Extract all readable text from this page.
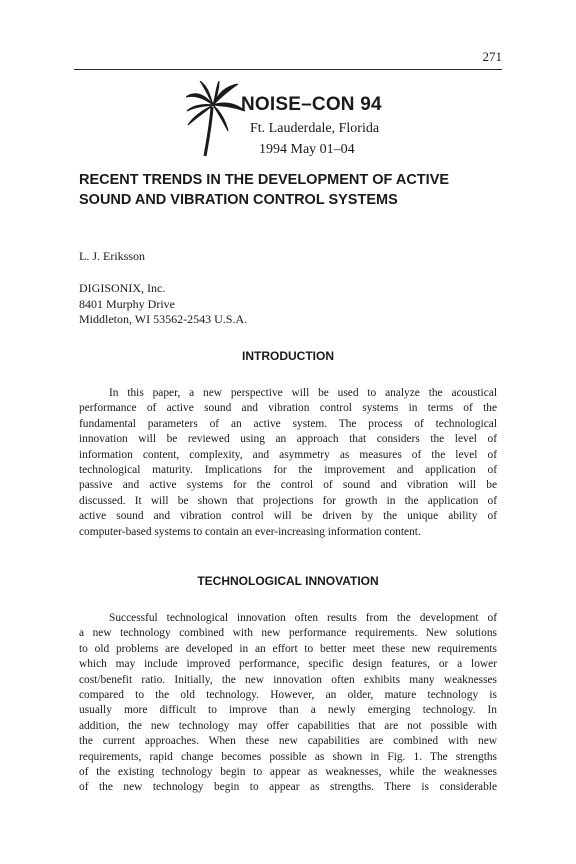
271
NOISE–CON 94
Ft. Lauderdale, Florida
1994 May 01–04
RECENT TRENDS IN THE DEVELOPMENT OF ACTIVE
SOUND AND VIBRATION CONTROL SYSTEMS
L. J. Eriksson
DIGISONIX, Inc.
8401 Murphy Drive
Middleton, WI 53562-2543 U.S.A.
INTRODUCTION
In this paper, a new perspective will be used to analyze the acoustical
performance of active sound and vibration control systems in terms of the
fundamental parameters of an active system. The process of technological
innovation will be reviewed using an approach that considers the level of
information content, complexity, and asymmetry as measures of the level of
technological maturity. Implications for the improvement and application of
passive and active systems for the control of sound and vibration will be
discussed. It will be shown that projections for growth in the application of
active sound and vibration control will be driven by the unique ability of
computer-based systems to contain an ever-increasing information content.
TECHNOLOGICAL INNOVATION
Successful technological innovation often results from the development of
a new technology combined with new performance requirements. New solutions
to old problems are developed in an effort to better meet these new requirements
which may include improved performance, specific design features, or a lower
cost/benefit ratio. Initially, the new innovation often exhibits many weaknesses
compared to the old technology. However, an older, mature technology is
usually more difficult to improve than a newly emerging technology. In
addition, the new technology may offer capabilities that are not possible with
the current approaches. When these new capabilities are combined with new
requirements, rapid change becomes possible as shown in Fig. 1. The strengths
of the existing technology begin to appear as weaknesses, while the weaknesses
of the new technology begin to appear as strengths. There is considerable
